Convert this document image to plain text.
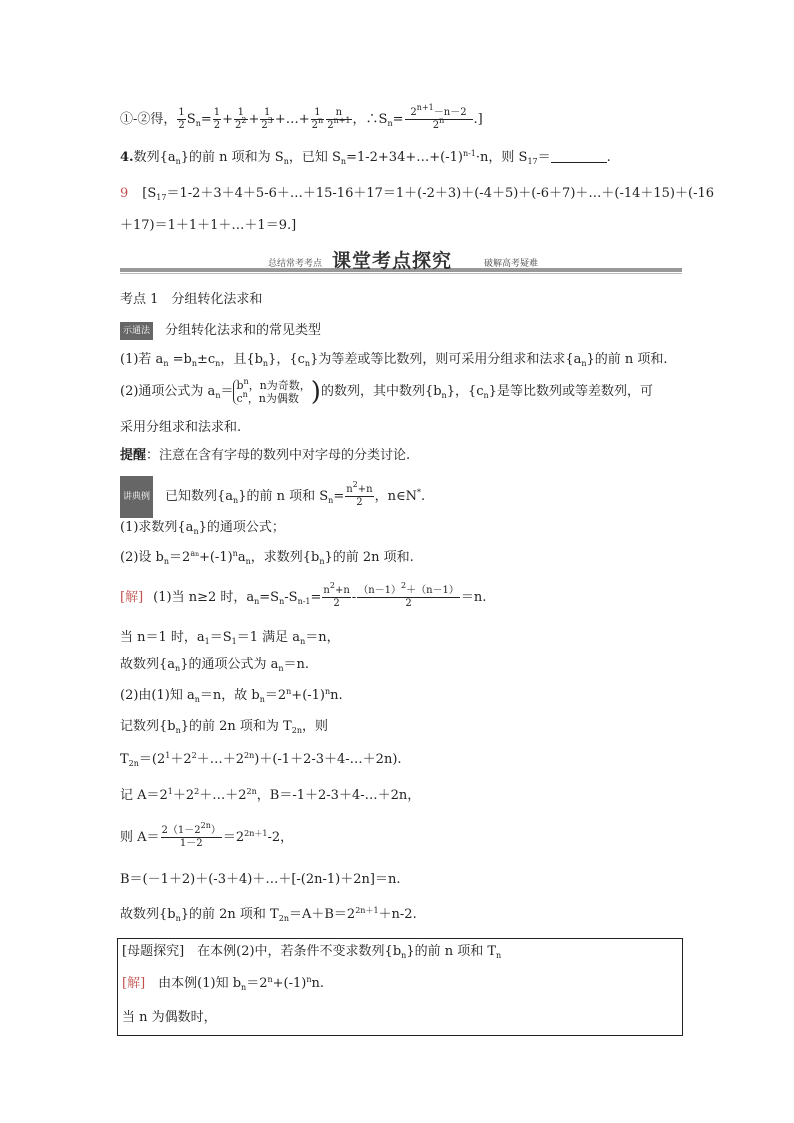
①-②得， $\frac{1}{2} S_n= \frac{1}{2} + \frac{1}{2^2} + \frac{1}{2^3}$ +…+ $\frac{1}{2^n} \frac{n}{2^{n+1}}$ ，$\therefore S_n= \frac{2^{n+1}-n-2}{2^n}$ .]
4.数列$\{a_n\}$的前 n 项和为 $S_n$，已知 $S_n=1-2+34+\dots+(-1)^{n-1}\cdot n$，则 $S_{17}=$	.
9 [$S_{17}=1-2+3+4+5-6+\dots+15-16+17=1+(-2+3)+(-4+5)+(-6+7)+\dots+(-14+15)+(-16$
＋17)＝1＋1＋1＋…＋1＝9.]
总结常考考点 课堂考点探究	破解高考疑难
考点 1　分组转化法求和
示通法 分组转化法求和的常见类型
(1)若 $a_n =b_n\pm c_n$，且$\{b_n\}$，$\{c_n\}$为等差或等比数列，则可采用分组求和法求$\{a_n\}$的前 n 项和.
(2)通项公式为 $a_n= b^n$，n为奇数，
$c^n$，n为偶数 )的数列，其中数列$\{b_n\}$，$\{c_n\}$是等比数列或等差数列，可
采用分组求和法求和.
提醒：注意在含有字母的数列中对字母的分类讨论.
讲典例 已知数列$\{a_n\}$的前 n 项和 $S_n= \frac{n^2+n}{2}$ ，n∈N*.
(1)求数列$\{a_n\}$的通项公式；
(2)设 $b_n=2^{an}+(-1)^na_n$，求数列$\{b_n\}$的前 2n 项和.
[解] (1)当 n≥2 时，$a_n=S_n-S_{n-1}= \frac{n^2+n}{2} - \frac{(n-1)^2+(n-1)}{2} =n$.
当 n＝1 时，$a_1=S_1=1$ 满足 $a_n=n$，
故数列$\{a_n\}$的通项公式为 $a_n=n$.
(2)由(1)知 $a_n=n$，故 $b_n=2^n+(-1)^nn$.
记数列$\{b_n\}$的前 2n 项和为 $T_{2n}$，则
$T_{2n}=(2^1+2^2+\dots+2^{2n})+(-1+2-3+4-\dots+2n)$.
记 $A=2^1+2^2+\dots+2^{2n}$，B＝-1＋2-3＋4-…＋2n，
则 $A= \frac{2(1-2^{2n})}{1-2} =2^{2n+1}-2$，
B＝(－1＋2)＋(-3＋4)＋…＋[-(2n-1)＋2n]＝n.
故数列$\{b_n\}$的前 2n 项和 $T_{2n}=A+B=2^{2n+1}+n-2$.
[母题探究]　在本例(2)中，若条件不变求数列$\{b_n\}$的前 n 项和 $T_n$
[解]　由本例(1)知 $b_n=2^n+(-1)^nn$.
当 n 为偶数时，
